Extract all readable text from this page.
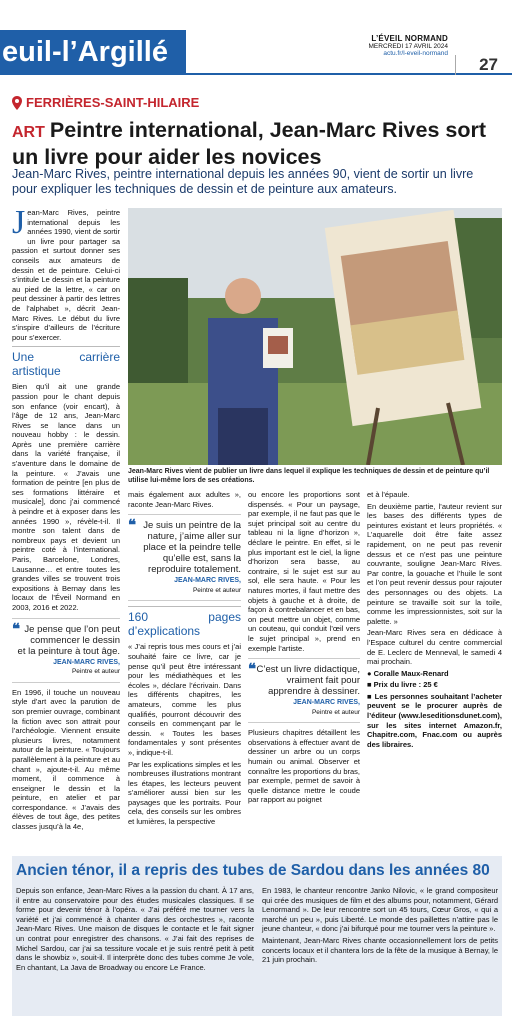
euil-l’Argillé	L’ÉVEIL NORMAND
MERCREDI 17 AVRIL 2024
actu.fr/l-eveil-normand
27
FERRIÈRES-SAINT-HILAIRE
ART Peintre international, Jean-Marc Rives sort un livre pour aider les novices
Jean-Marc Rives, peintre international depuis les années 90, vient de sortir un livre pour expliquer les techniques de dessin et de peinture aux amateurs.

Jean-Marc Rives, peintre international depuis les années 1990, vient de sortir un livre pour partager sa passion et surtout donner ses conseils aux amateurs de dessin et de peinture. Celui-ci s’intitule Le dessin et la peinture au pied de la lettre, « car on peut dessiner à partir des lettres de l’alphabet », décrit Jean-Marc Rives. Le début du livre s’inspire d’ailleurs de l’écriture pour s’exercer.

Une carrière artistique

Bien qu’il ait une grande passion pour le chant depuis son enfance (voir encart), à l’âge de 12 ans, Jean-Marc Rives se lance dans un nouveau hobby : le dessin. Après une première carrière dans la variété française, il s’aventure dans le domaine de la peinture. « J’avais une formation de peintre [en plus de ses formations littéraire et musicale], donc j’ai commencé à peindre et à exposer dans les années 1990 », révèle-t-il. Il montre son talent dans de nombreux pays et devient un peintre coté à l’international. Paris, Barcelone, Londres, Lausanne… et entre toutes les grandes villes se trouvent trois expositions à Bernay dans les locaux de l’Éveil Normand en 2003, 2016 et 2022.

❝ Je pense que l’on peut commencer le dessin et la peinture à tout âge.
JEAN-MARC RIVES,
Peintre et auteur

En 1996, il touche un nouveau style d’art avec la parution de son premier ouvrage, combinant la fiction avec son attrait pour l’archéologie. Viennent ensuite plusieurs livres, notamment autour de la peinture. « Toujours parallèlement à la peinture et au chant », ajoute-t-il. Au même moment, il commence à enseigner le dessin et la peinture, en atelier et par correspondance. « J’avais des élèves de tout âge, des petites classes jusqu’à la 4e,

Jean-Marc Rives vient de publier un livre dans lequel il explique les techniques de dessin et de peinture qu’il utilise lui-même lors de ses créations.

mais également aux adultes », raconte Jean-Marc Rives.

❝ Je suis un peintre de la nature, j’aime aller sur place et la peindre telle qu’elle est, sans la reproduire totalement.
JEAN-MARC RIVES,
Peintre et auteur
160 pages d’explications

« J’ai repris tous mes cours et j’ai souhaité faire ce livre, car je pense qu’il peut être intéressant pour les médiathèques et les écoles », déclare l’écrivain. Dans les différents chapitres, les amateurs, comme les plus qualifiés, pourront découvrir des conseils en commençant par le dessin. « Toutes les bases fondamentales y sont présentes », indique-t-il.

Par les explications simples et les nombreuses illustrations montrant les étapes, les lecteurs peuvent s’améliorer aussi bien sur les paysages que les portraits. Pour cela, des conseils sur les ombres et lumières, la perspective

ou encore les proportions sont dispensés. « Pour un paysage, par exemple, il ne faut pas que le sujet principal soit au centre du tableau ni la ligne d’horizon », déclare le peintre. En effet, si le plus important est le ciel, la ligne d’horizon sera basse, au contraire, si le sujet est sur au sol, elle sera haute. « Pour les natures mortes, il faut mettre des objets à gauche et à droite, de façon à contrebalancer et en bas, on peut mettre un objet, comme un couteau, qui conduit l’œil vers le sujet principal », prend en exemple l’artiste.

❝ C’est un livre didactique, vraiment fait pour apprendre à dessiner.
JEAN-MARC RIVES,
Peintre et auteur

Plusieurs chapitres détaillent les observations à effectuer avant de dessiner un arbre ou un corps humain ou animal. Observer et connaître les proportions du bras, par exemple, permet de savoir à quelle distance mettre le coude par rapport au poignet

et à l’épaule.

En deuxième partie, l’auteur revient sur les bases des différents types de peintures existant et leurs propriétés. « L’aquarelle doit être faite assez rapidement, on ne peut pas revenir dessus et ce n’est pas une peinture couvrante, souligne Jean-Marc Rives. Par contre, la gouache et l’huile le sont et l’on peut revenir dessus pour rajouter des personnages ou des objets. La peinture se travaille soit sur la toile, comme les impressionnistes, soit sur la palette. »

Jean-Marc Rives sera en dédicace à l’Espace culturel du centre commercial de E. Leclerc de Menneval, le samedi 4 mai prochain.

● Coralle Maux-Renard

■ Prix du livre : 25 €

■ Les personnes souhaitant l’acheter peuvent se le procurer auprès de l’éditeur (www.leseditionsdunet.com), sur les sites internet Amazon.fr, Chapitre.com, Fnac.com ou auprès des libraires.

Ancien ténor, il a repris des tubes de Sardou dans les années 80

Depuis son enfance, Jean-Marc Rives a la passion du chant. À 17 ans, il entre au conservatoire pour des études musicales classiques. Il se forme pour devenir ténor à l’opéra. « J’ai préféré me tourner vers la variété et j’ai commencé à chanter dans des orchestres », raconte Jean-Marc Rives. Une maison de disques le contacte et le fait signer un contrat pour enregistrer des chansons. « J’ai fait des reprises de Michel Sardou, car j’ai sa tessiture vocale et je suis rentré petit à petit dans le showbiz », souit-il. Il interprète donc des tubes comme Je vole, En chantant, La Java de Broadway ou encore Le France.

En 1983, le chanteur rencontre Janko Nilovic, « le grand compositeur qui crée des musiques de film et des albums pour, notamment, Gérard Lenormand ». De leur rencontre sort un 45 tours, Cœur Gros, « qui a marché un peu », puis Liberté. Le monde des paillettes n’attire pas le jeune chanteur, « donc j’ai bifurqué pour me tourner vers la peinture ».

Maintenant, Jean-Marc Rives chante occasionnellement lors de petits concerts locaux et il chantera lors de la fête de la musique à Bernay, le 21 juin prochain.
